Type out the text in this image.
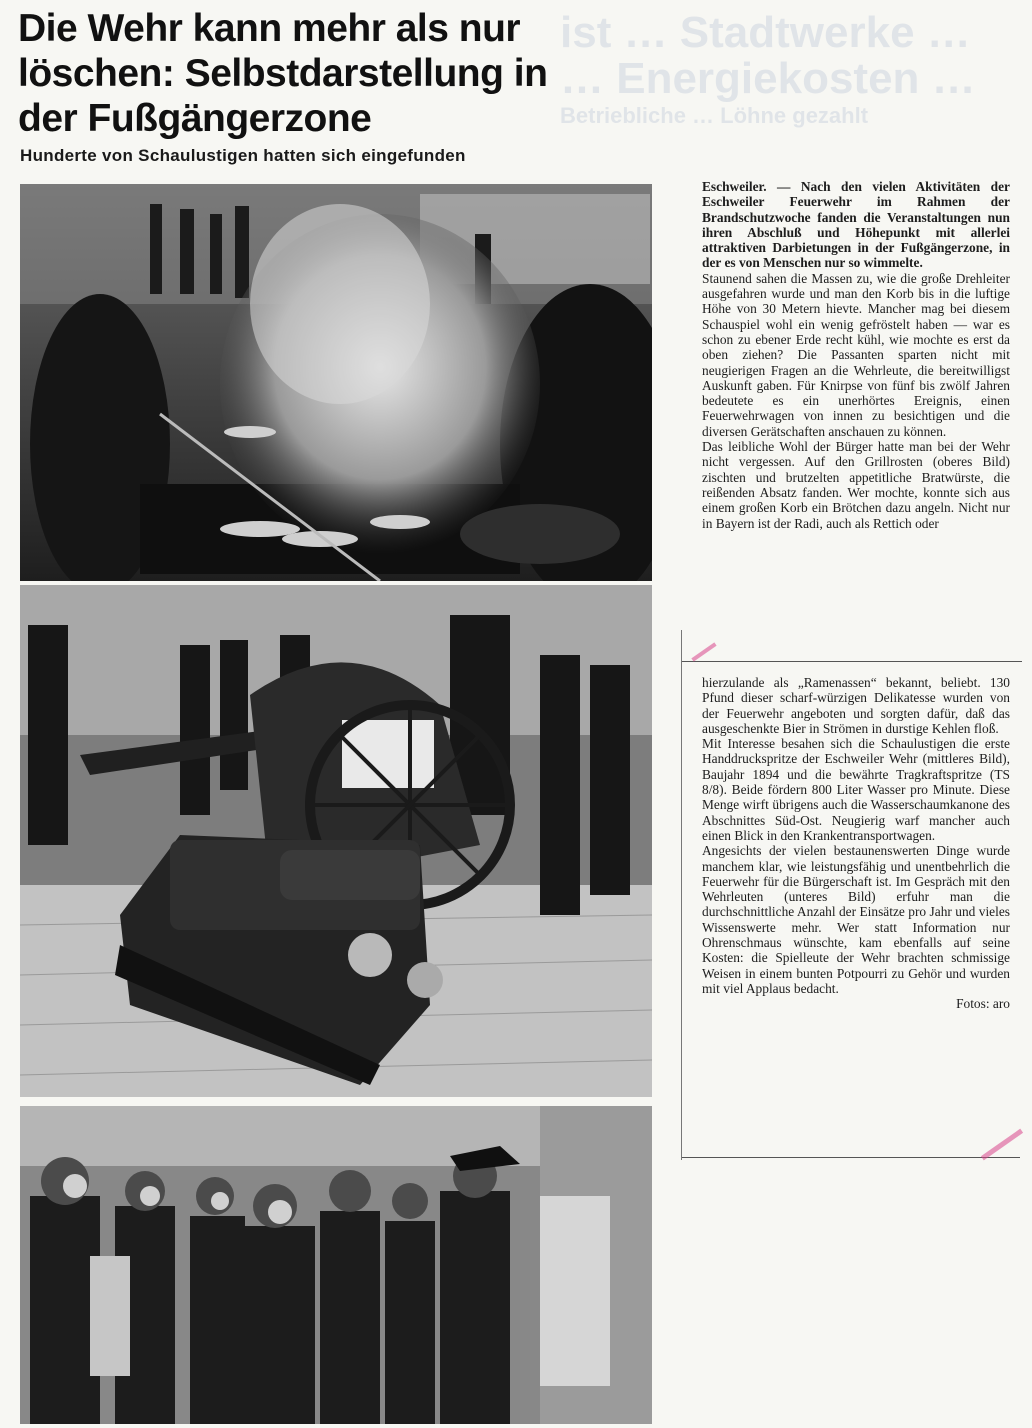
ist … Stadtwerke …
… Energiekosten …
Betriebliche … Löhne gezahlt
Die Wehr kann mehr als nur löschen: Selbstdarstellung in der Fußgängerzone
Hunderte von Schaulustigen hatten sich eingefunden

Eschweiler. — Nach den vielen Aktivitäten der Eschweiler Feuerwehr im Rahmen der Brandschutzwoche fanden die Veranstaltungen nun ihren Abschluß und Höhepunkt mit allerlei attraktiven Darbietungen in der Fußgängerzone, in der es von Menschen nur so wimmelte.

Staunend sahen die Massen zu, wie die große Drehleiter ausgefahren wurde und man den Korb bis in die luftige Höhe von 30 Metern hievte. Mancher mag bei diesem Schauspiel wohl ein wenig gefröstelt haben — war es schon zu ebener Erde recht kühl, wie mochte es erst da oben ziehen? Die Passanten sparten nicht mit neugierigen Fragen an die Wehrleute, die bereitwilligst Auskunft gaben. Für Knirpse von fünf bis zwölf Jahren bedeutete es ein unerhörtes Ereignis, einen Feuerwehrwagen von innen zu besichtigen und die diversen Gerätschaften anschauen zu können.

Das leibliche Wohl der Bürger hatte man bei der Wehr nicht vergessen. Auf den Grillrosten (oberes Bild) zischten und brutzelten appetitliche Bratwürste, die reißenden Absatz fanden. Wer mochte, konnte sich aus einem großen Korb ein Brötchen dazu angeln. Nicht nur in Bayern ist der Radi, auch als Rettich oder

hierzulande als „Ramenassen“ bekannt, beliebt. 130 Pfund dieser scharf-würzigen Delikatesse wurden von der Feuerwehr angeboten und sorgten dafür, daß das ausgeschenkte Bier in Strömen in durstige Kehlen floß.

Mit Interesse besahen sich die Schaulustigen die erste Handdruckspritze der Eschweiler Wehr (mittleres Bild), Baujahr 1894 und die bewährte Tragkraftspritze (TS 8/8). Beide fördern 800 Liter Wasser pro Minute. Diese Menge wirft übrigens auch die Wasserschaumkanone des Abschnittes Süd-Ost. Neugierig warf mancher auch einen Blick in den Krankentransportwagen.

Angesichts der vielen bestaunenswerten Dinge wurde manchem klar, wie leistungsfähig und unentbehrlich die Feuerwehr für die Bürgerschaft ist. Im Gespräch mit den Wehrleuten (unteres Bild) erfuhr man die durchschnittliche Anzahl der Einsätze pro Jahr und vieles Wissenswerte mehr. Wer statt Information nur Ohrenschmaus wünschte, kam ebenfalls auf seine Kosten: die Spielleute der Wehr brachten schmissige Weisen in einem bunten Potpourri zu Gehör und wurden mit viel Applaus bedacht.

Fotos: aro
